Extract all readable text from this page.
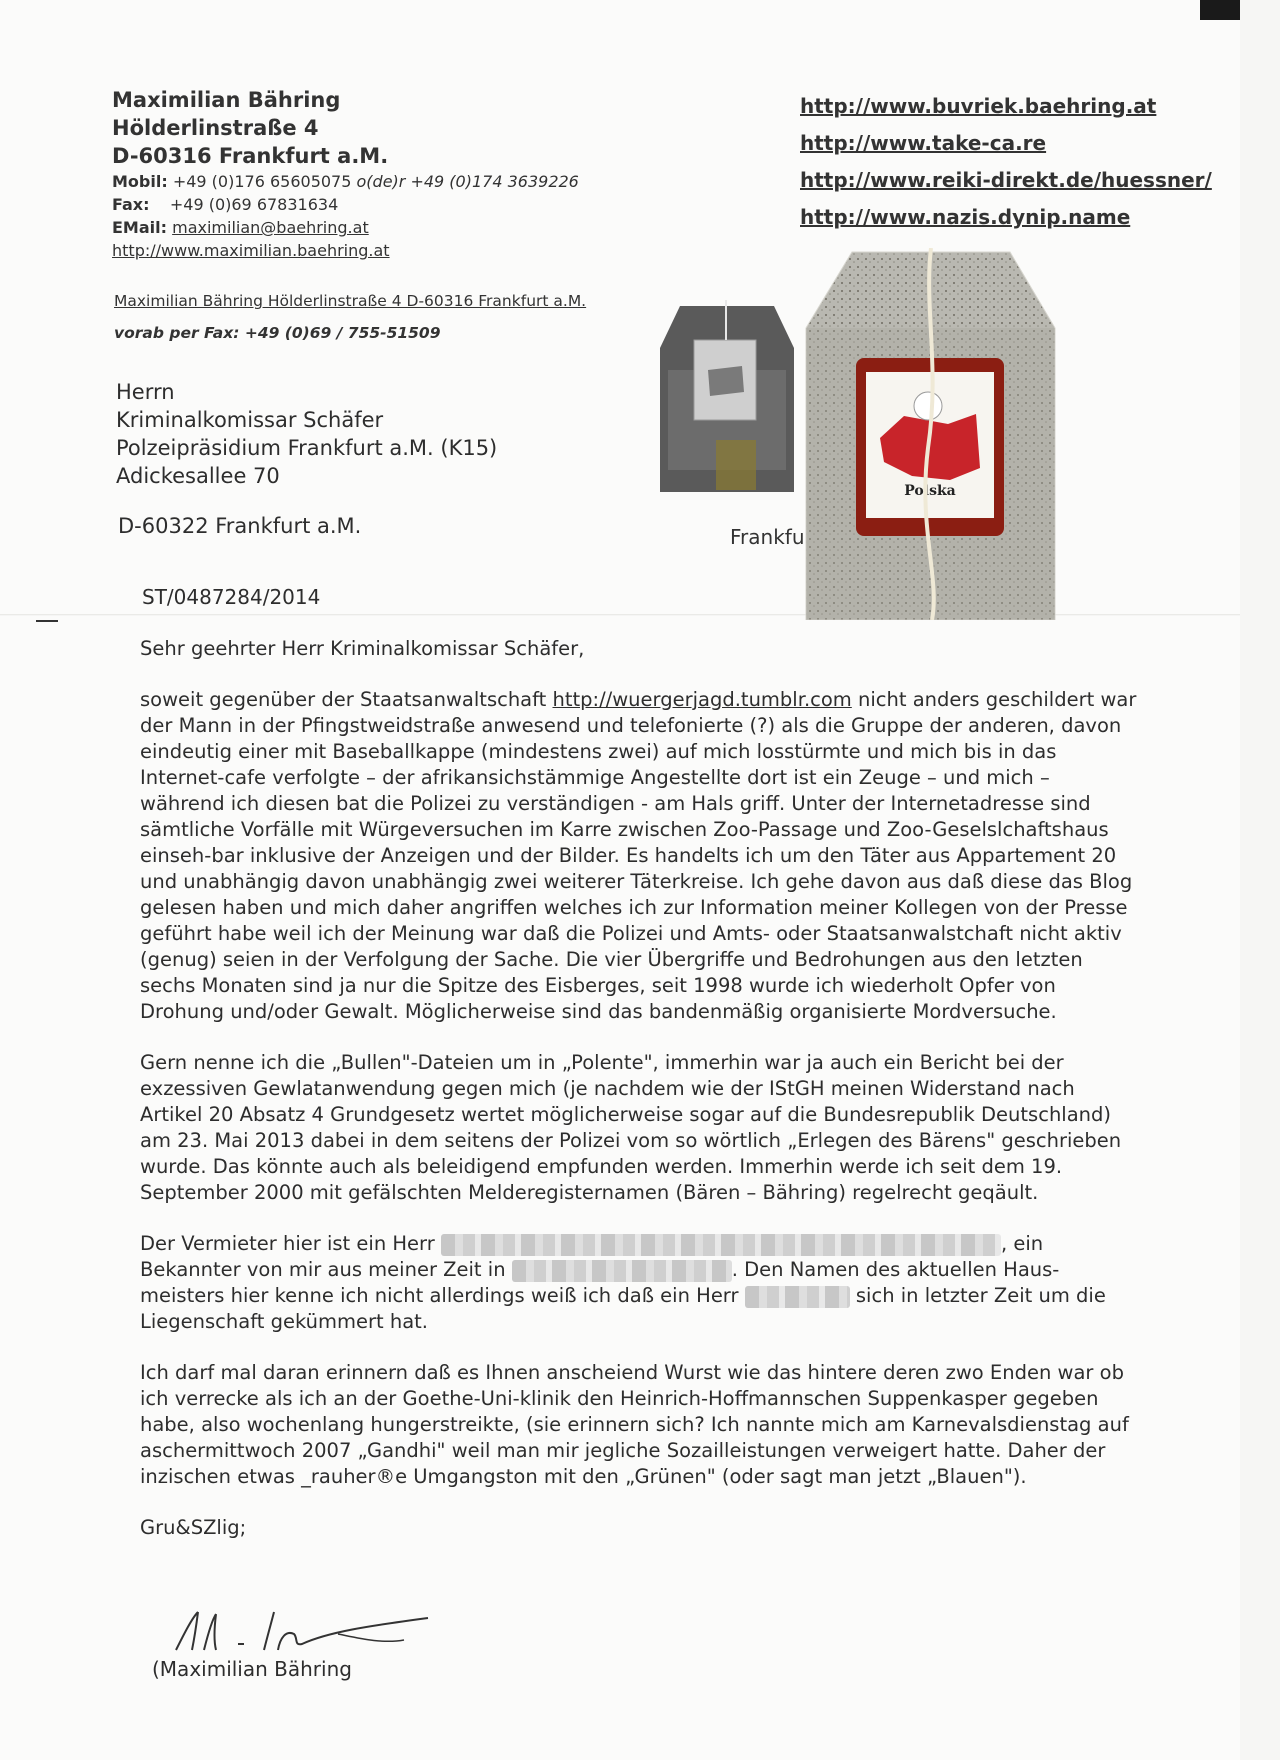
Maximilian Bähring
Hölderlinstraße 4
D-60316 Frankfurt a.M.
Mobil: +49 (0)176 65605075 o(de)r +49 (0)174 3639226
Fax: +49 (0)69 67831634
EMail: maximilian@baehring.at
http://www.maximilian.baehring.at
http://www.buvriek.baehring.at
http://www.take-ca.re
http://www.reiki-direkt.de/huessner/
http://www.nazis.dynip.name
Maximilian Bähring Hölderlinstraße 4 D-60316 Frankfurt a.M.
vorab per Fax: +49 (0)69 / 755-51509
Herrn
Kriminalkomissar Schäfer
Polzeipräsidium Frankfurt a.M. (K15)
Adickesallee 70
D-60322 Frankfurt a.M.	Frankfu
Polska
ST/0487284/2014

Sehr geehrter Herr Kriminalkomissar Schäfer,

soweit gegenüber der Staatsanwaltschaft http://wuergerjagd.tumblr.com nicht anders geschildert war der Mann in der Pfingstweidstraße anwesend und telefonierte (?) als die Gruppe der anderen, davon eindeutig einer mit Baseballkappe (mindestens zwei) auf mich losstürmte und mich bis in das Internet-cafe verfolgte – der afrikansichstämmige Angestellte dort ist ein Zeuge – und mich – während ich diesen bat die Polizei zu verständigen - am Hals griff. Unter der Internetadresse sind sämtliche Vorfälle mit Würgeversuchen im Karre zwischen Zoo-Passage und Zoo-Geselslchaftshaus einseh-bar inklusive der Anzeigen und der Bilder. Es handelts ich um den Täter aus Appartement 20 und unabhängig davon unabhängig zwei weiterer Täterkreise. Ich gehe davon aus daß diese das Blog gelesen haben und mich daher angriffen welches ich zur Information meiner Kollegen von der Presse geführt habe weil ich der Meinung war daß die Polizei und Amts- oder Staatsanwalstchaft nicht aktiv (genug) seien in der Verfolgung der Sache. Die vier Übergriffe und Bedrohungen aus den letzten sechs Monaten sind ja nur die Spitze des Eisberges, seit 1998 wurde ich wiederholt Opfer von Drohung und/oder Gewalt. Möglicherweise sind das bandenmäßig organisierte Mordversuche.

Gern nenne ich die „Bullen"-Dateien um in „Polente", immerhin war ja auch ein Bericht bei der exzessiven Gewlatanwendung gegen mich (je nachdem wie der IStGH meinen Widerstand nach Artikel 20 Absatz 4 Grundgesetz wertet möglicherweise sogar auf die Bundesrepublik Deutschland) am 23. Mai 2013 dabei in dem seitens der Polizei vom so wörtlich „Erlegen des Bärens" geschrieben wurde. Das könnte auch als beleidigend empfunden werden. Immerhin werde ich seit dem 19. September 2000 mit gefälschten Melderegisternamen (Bären – Bähring) regelrecht geqäult.

Der Vermieter hier ist ein Herr	, ein Bekannter von mir aus meiner Zeit in	. Den Namen des aktuellen Haus-meisters hier kenne ich nicht allerdings weiß ich daß ein Herr	sich in letzter Zeit um die Liegenschaft gekümmert hat.

Ich darf mal daran erinnern daß es Ihnen anscheiend Wurst wie das hintere deren zwo Enden war ob ich verrecke als ich an der Goethe-Uni-klinik den Heinrich-Hoffmannschen Suppenkasper gegeben habe, also wochenlang hungerstreikte, (sie erinnern sich? Ich nannte mich am Karnevalsdienstag auf aschermittwoch 2007 „Gandhi" weil man mir jegliche Sozailleistungen verweigert hatte. Daher der inzischen etwas _rauher®e Umgangston mit den „Grünen" (oder sagt man jetzt „Blauen").

Gru&SZlig;

(Maximilian Bähring
